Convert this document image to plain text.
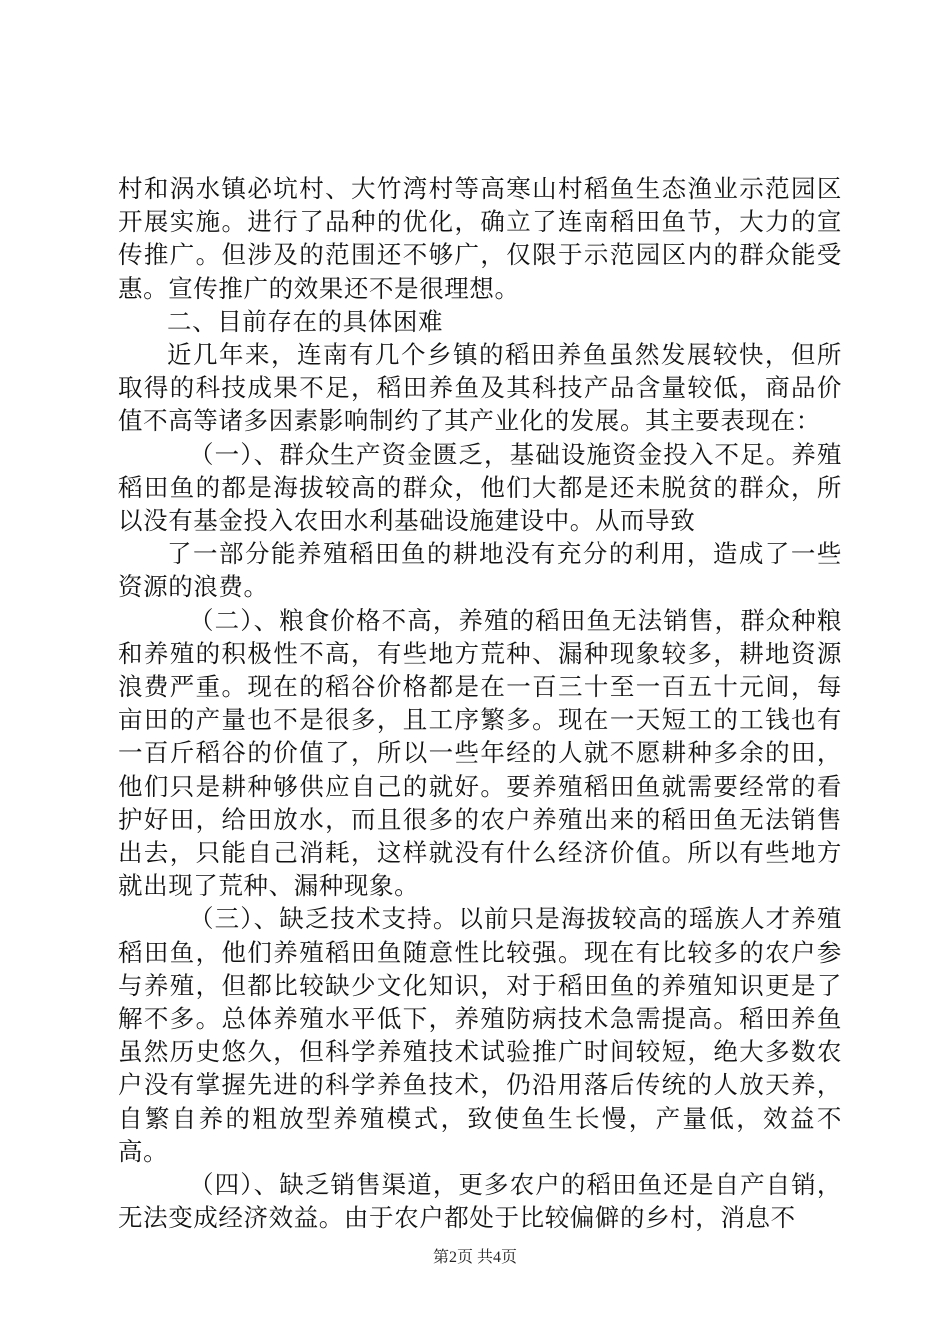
村和涡水镇必坑村、大竹湾村等高寒山村稻鱼生态渔业示范园区开展实施。进行了品种的优化，确立了连南稻田鱼节，大力的宣传推广。但涉及的范围还不够广，仅限于示范园区内的群众能受惠。宣传推广的效果还不是很理想。

二、目前存在的具体困难

近几年来，连南有几个乡镇的稻田养鱼虽然发展较快，但所取得的科技成果不足，稻田养鱼及其科技产品含量较低，商品价值不高等诸多因素影响制约了其产业化的发展。其主要表现在：

（一）、群众生产资金匮乏，基础设施资金投入不足。养殖稻田鱼的都是海拔较高的群众，他们大都是还未脱贫的群众，所以没有基金投入农田水利基础设施建设中。从而导致

了一部分能养殖稻田鱼的耕地没有充分的利用，造成了一些资源的浪费。

（二）、粮食价格不高，养殖的稻田鱼无法销售，群众种粮和养殖的积极性不高，有些地方荒种、漏种现象较多，耕地资源浪费严重。现在的稻谷价格都是在一百三十至一百五十元间，每亩田的产量也不是很多，且工序繁多。现在一天短工的工钱也有一百斤稻谷的价值了，所以一些年经的人就不愿耕种多余的田，他们只是耕种够供应自己的就好。要养殖稻田鱼就需要经常的看护好田，给田放水，而且很多的农户养殖出来的稻田鱼无法销售出去，只能自己消耗，这样就没有什么经济价值。所以有些地方就出现了荒种、漏种现象。

（三）、缺乏技术支持。以前只是海拔较高的瑶族人才养殖稻田鱼，他们养殖稻田鱼随意性比较强。现在有比较多的农户参与养殖，但都比较缺少文化知识，对于稻田鱼的养殖知识更是了解不多。总体养殖水平低下，养殖防病技术急需提高。稻田养鱼虽然历史悠久，但科学养殖技术试验推广时间较短，绝大多数农户没有掌握先进的科学养鱼技术，仍沿用落后传统的人放天养，自繁自养的粗放型养殖模式，致使鱼生长慢，产量低，效益不高。

（四）、缺乏销售渠道，更多农户的稻田鱼还是自产自销，无法变成经济效益。由于农户都处于比较偏僻的乡村，消息不

第2页 共4页
